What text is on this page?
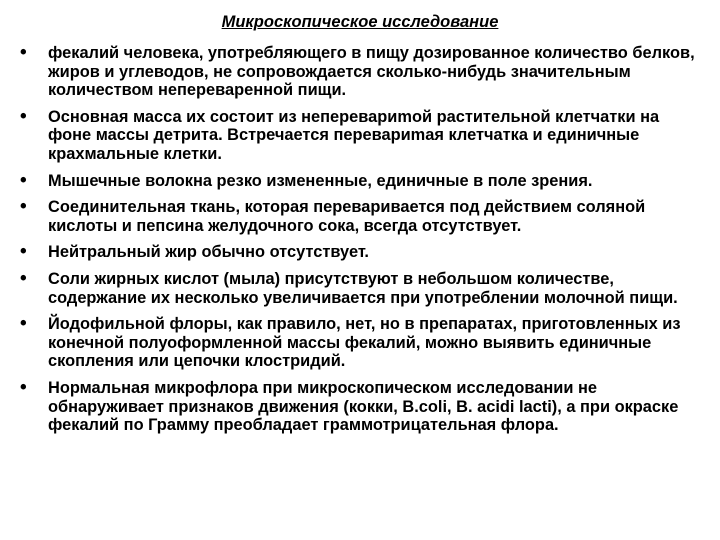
Микроскопическое исследование
• фекалий человека, употребляющего в пищу дозированное количество белков, жиров и углеводов, не сопровождается сколько-нибудь значительным количеством непереваренной пищи.
• Основная масса их состоит из неперевариmoй растительной клетчатки на фоне массы детрита. Встречается перевариmaя клетчатка и единичные крахмальные клетки.
• Мышечные волокна резко измененные, единичные в поле зрения.
• Соединительная ткань, которая переваривается под действием соляной кислоты и пепсина желудочного сока, всегда отсутствует.
• Нейтральный жир обычно отсутствует.
• Соли жирных кислот (мыла) присутствуют в небольшом количестве, содержание их несколько увеличивается при употреблении молочной пищи.
• Йодофильной флоры, как правило, нет, но в препаратах, приготовленных из конечной полуоформленной массы фекалий, можно выявить единичные скопления или цепочки клостридий.
• Нормальная микрофлора при микроскопическом исследовании не обнаруживает признаков движения (кокки, B.coli, B. acidi lacti), а при окраске фекалий по Грамму преобладает граммотрицательная флора.
